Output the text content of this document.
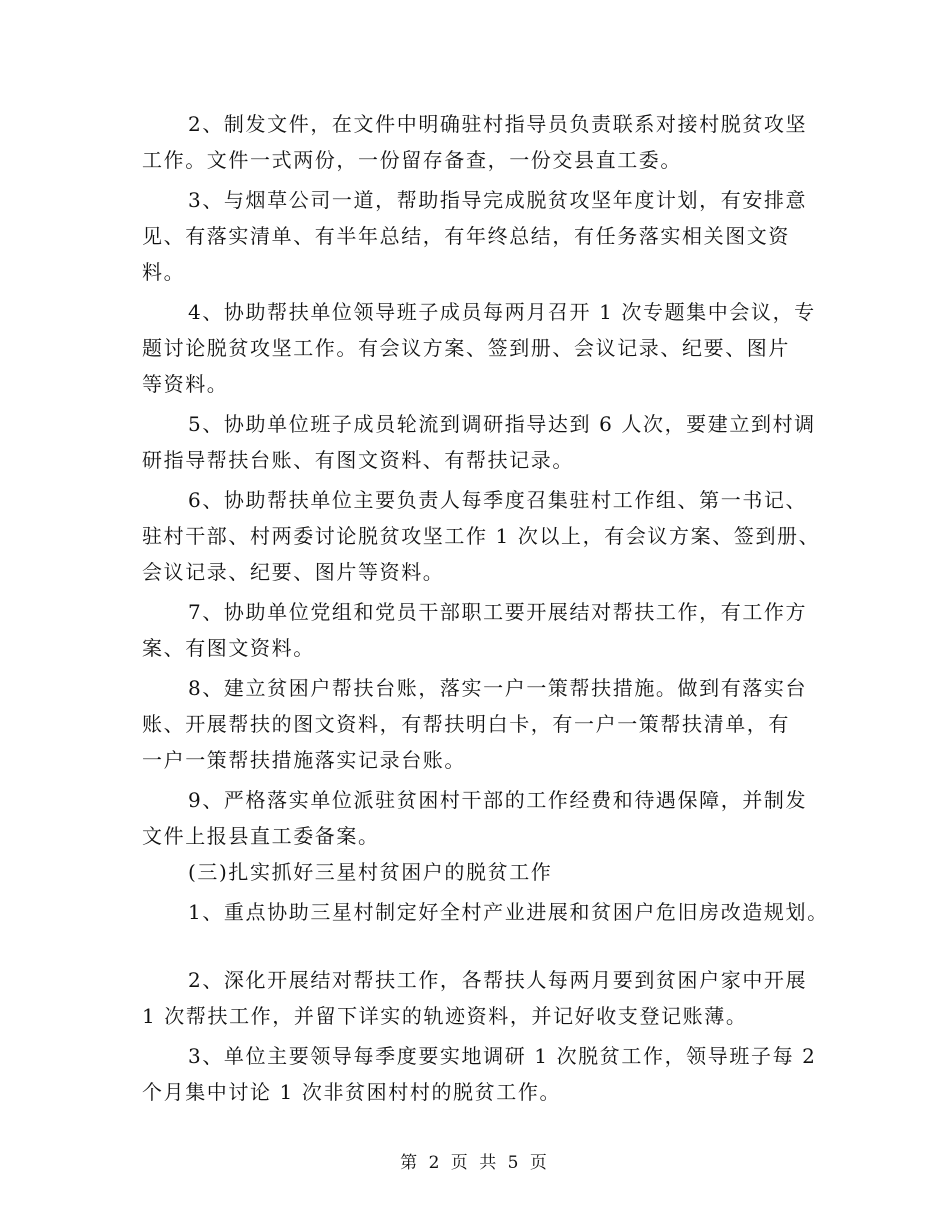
2、制发文件，在文件中明确驻村指导员负责联系对接村脱贫攻坚
工作。文件一式两份，一份留存备查，一份交县直工委。
3、与烟草公司一道，帮助指导完成脱贫攻坚年度计划，有安排意
见、有落实清单、有半年总结，有年终总结，有任务落实相关图文资
料。
4、协助帮扶单位领导班子成员每两月召开 1 次专题集中会议，专
题讨论脱贫攻坚工作。有会议方案、签到册、会议记录、纪要、图片
等资料。
5、协助单位班子成员轮流到调研指导达到 6 人次，要建立到村调
研指导帮扶台账、有图文资料、有帮扶记录。
6、协助帮扶单位主要负责人每季度召集驻村工作组、第一书记、
驻村干部、村两委讨论脱贫攻坚工作 1 次以上，有会议方案、签到册、
会议记录、纪要、图片等资料。
7、协助单位党组和党员干部职工要开展结对帮扶工作，有工作方
案、有图文资料。
8、建立贫困户帮扶台账，落实一户一策帮扶措施。做到有落实台
账、开展帮扶的图文资料，有帮扶明白卡，有一户一策帮扶清单，有
一户一策帮扶措施落实记录台账。
9、严格落实单位派驻贫困村干部的工作经费和待遇保障，并制发
文件上报县直工委备案。
(三)扎实抓好三星村贫困户的脱贫工作
1、重点协助三星村制定好全村产业进展和贫困户危旧房改造规划。
2、深化开展结对帮扶工作，各帮扶人每两月要到贫困户家中开展
1 次帮扶工作，并留下详实的轨迹资料，并记好收支登记账薄。
3、单位主要领导每季度要实地调研 1 次脱贫工作，领导班子每 2
个月集中讨论 1 次非贫困村村的脱贫工作。
第 2 页 共 5 页
